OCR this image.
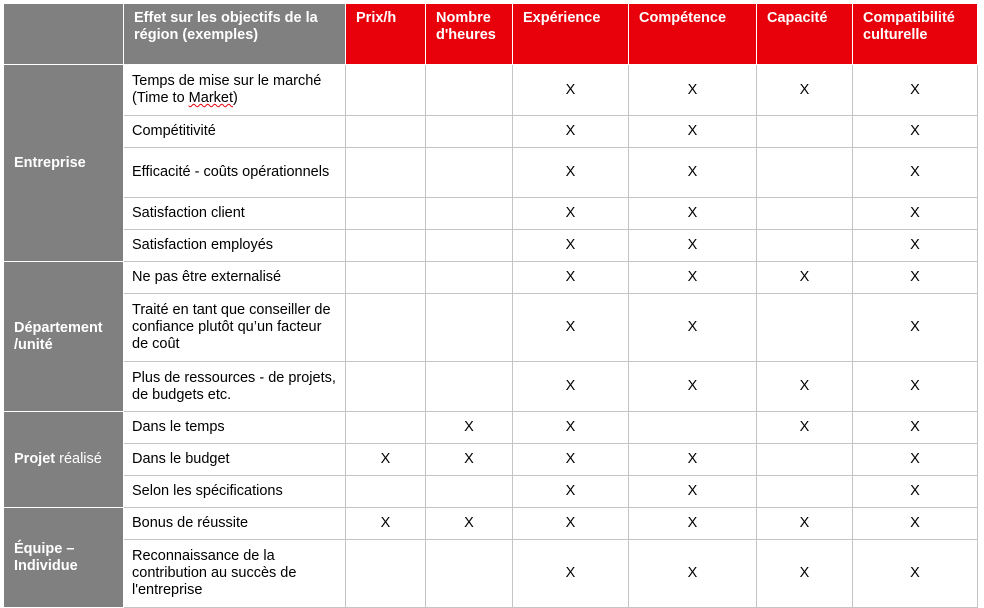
	Effet sur les objectifs de la région (exemples)	Prix/h	Nombre d'heures	Expérience	Compétence	Capacité	Compatibilité culturelle
Entreprise	Temps de mise sur le marché (Time to Market)			X	X	X	X
	Compétitivité			X	X		X
	Efficacité - coûts opérationnels			X	X		X
	Satisfaction client			X	X		X
	Satisfaction employés			X	X		X
Département /unité	Ne pas être externalisé			X	X	X	X
	Traité en tant que conseiller de confiance plutôt qu’un facteur de coût			X	X		X
	Plus de ressources - de projets, de budgets etc.			X	X	X	X
Projet réalisé	Dans le temps		X	X		X	X
	Dans le budget	X	X	X	X		X
	Selon les spécifications			X	X		X
Équipe – Individue	Bonus de réussite	X	X	X	X	X	X
	Reconnaissance de la contribution au succès de l'entreprise			X	X	X	X
